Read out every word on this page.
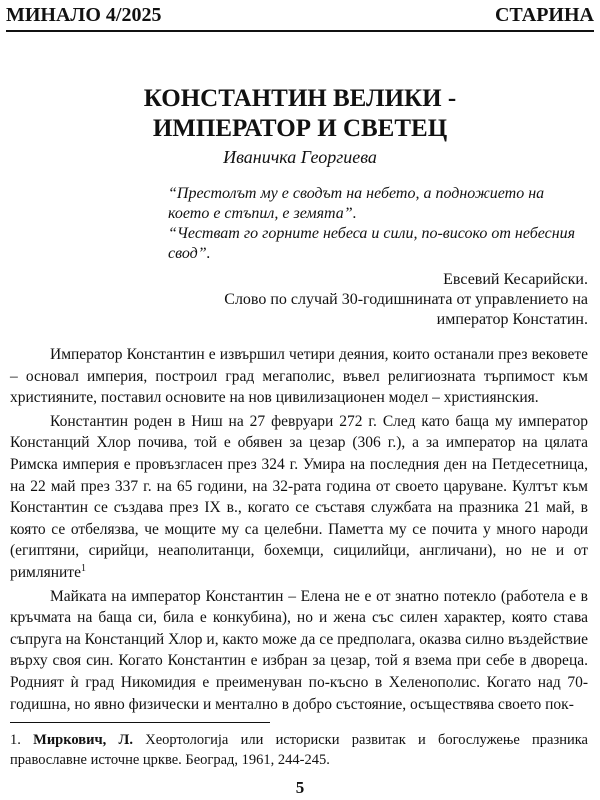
МИНАЛО 4/2025	СТАРИНА
КОНСТАНТИН ВЕЛИКИ -
ИМПЕРАТОР И СВЕТЕЦ
Иваничка Георгиева

“Престолът му е сводът на небето, а подножието на което е стъпил, е земята”.

“Честват го горните небеса и сили, по-високо от небесния свод”.

Евсевий Кесарийски.

Слово по случай 30-годишнината от управлението на император Констатин.

Император Константин е извършил четири деяния, които останали през вековете – основал империя, построил град мегаполис, въвел религиозната търпимост към християните, поставил основите на нов цивилизационен модел – християнския.

Константин роден в Ниш на 27 февруари 272 г. След като баща му император Констанций Хлор почива, той е обявен за цезар (306 г.), а за император на цялата Римска империя е провъзгласен през 324 г. Умира на последния ден на Петдесетница, на 22 май през 337 г. на 65 години, на 32-рата година от своето царуване. Култът към Константин се създава през IX в., когато се съставя службата на празника 21 май, в която се отбелязва, че мощите му са целебни. Паметта му се почита у много народи (египтяни, сирийци, неаполитанци, бохемци, сицилийци, англичани), но не и от римляните$^1$

Майката на император Константин – Елена не е от знатно потекло (работела е в кръчмата на баща си, била е конкубина), но и жена със силен характер, която става съпруга на Констанций Хлор и, както може да се предполага, оказва силно въздействие върху своя син. Когато Константин е избран за цезар, той я взема при себе в двореца. Родният ѝ град Никомидия е преименуван по-късно в Хеленополис. Когато над 70-годишна, но явно физически и ментално в добро състояние, осъществява своето пок-

1. Миркович, Л. Хеортологија или историски развитак и богослужење празника православне источне цркве. Београд, 1961, 244-245.
5
